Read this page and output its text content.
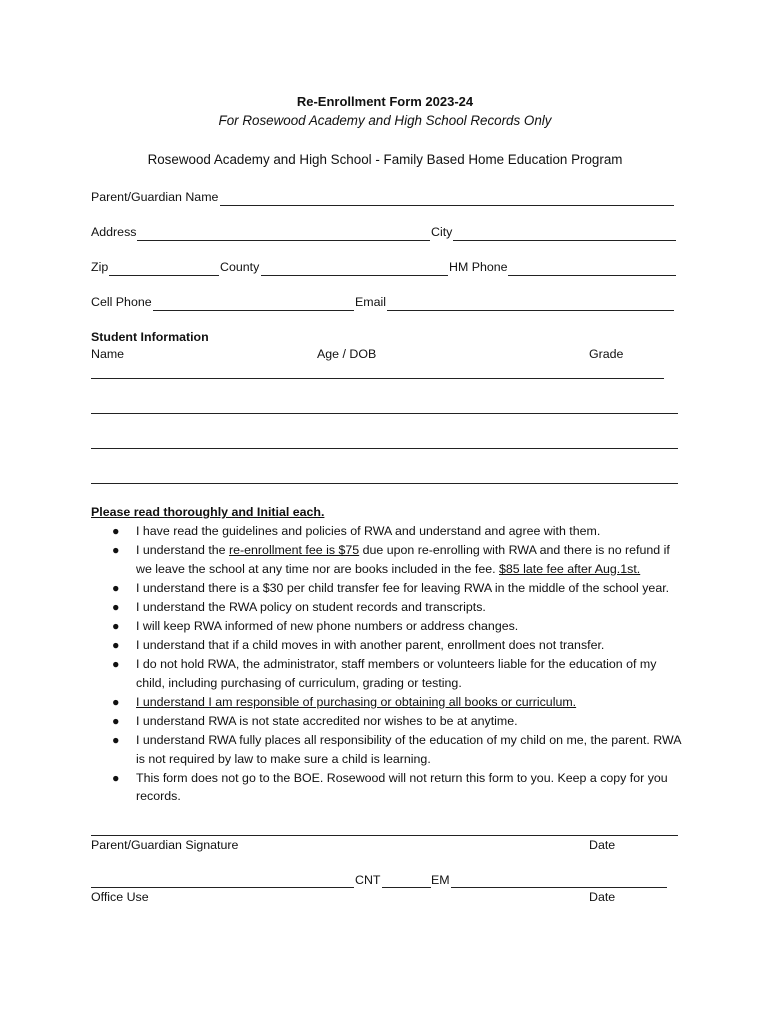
Re-Enrollment Form 2023-24
For Rosewood Academy and High School Records Only
Rosewood Academy and High School - Family Based Home Education Program
Parent/Guardian Name
Address	City
Zip	County	HM Phone
Cell Phone	Email
Student Information
Name	Age / DOB	Grade
Please read thoroughly and Initial each.
● I have read the guidelines and policies of RWA and understand and agree with them.
● I understand the re-enrollment fee is $75 due upon re-enrolling with RWA and there is no refund if we leave the school at any time nor are books included in the fee. $85 late fee after Aug.1st.
● I understand there is a $30 per child transfer fee for leaving RWA in the middle of the school year.
● I understand the RWA policy on student records and transcripts.
● I will keep RWA informed of new phone numbers or address changes.
● I understand that if a child moves in with another parent, enrollment does not transfer.
● I do not hold RWA, the administrator, staff members or volunteers liable for the education of my child, including purchasing of curriculum, grading or testing.
● I understand I am responsible of purchasing or obtaining all books or curriculum.
● I understand RWA is not state accredited nor wishes to be at anytime.
● I understand RWA fully places all responsibility of the education of my child on me, the parent. RWA is not required by law to make sure a child is learning.
● This form does not go to the BOE. Rosewood will not return this form to you. Keep a copy for you records.
Parent/Guardian Signature	Date
CNT	EM
Office Use	Date
